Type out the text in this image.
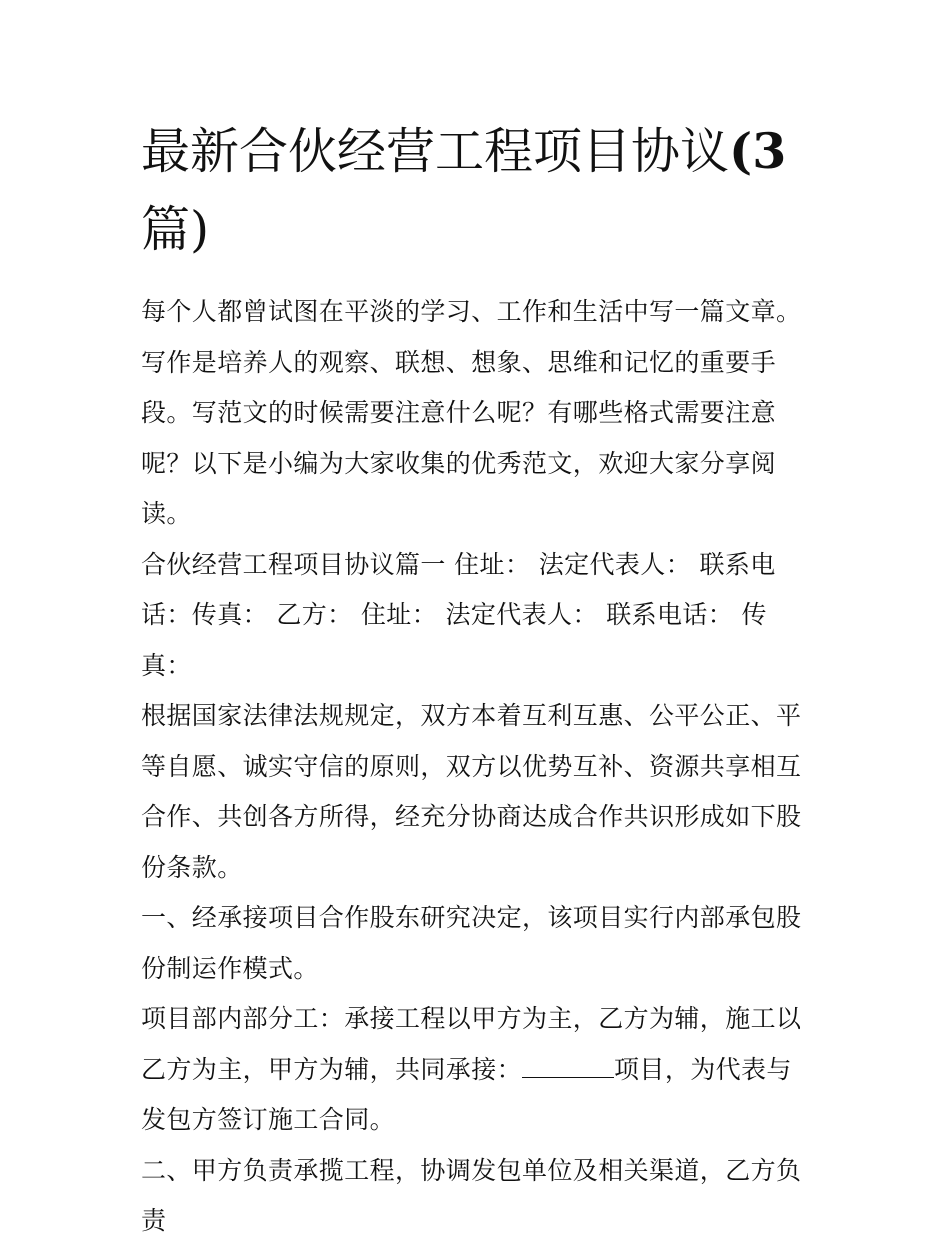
最新合伙经营工程项目协议(3
篇)

每个人都曾试图在平淡的学习、工作和生活中写一篇文章。写作是培养人的观察、联想、想象、思维和记忆的重要手段。写范文的时候需要注意什么呢？有哪些格式需要注意呢？以下是小编为大家收集的优秀范文，欢迎大家分享阅读。

合伙经营工程项目协议篇一 住址： 法定代表人： 联系电话：传真： 乙方： 住址： 法定代表人： 联系电话： 传真：

根据国家法律法规规定，双方本着互利互惠、公平公正、平等自愿、诚实守信的原则，双方以优势互补、资源共享相互合作、共创各方所得，经充分协商达成合作共识形成如下股份条款。

一、经承接项目合作股东研究决定，该项目实行内部承包股份制运作模式。

项目部内部分工：承接工程以甲方为主，乙方为辅，施工以乙方为主，甲方为辅，共同承接：	项目，为代表与发包方签订施工合同。

二、甲方负责承揽工程，协调发包单位及相关渠道，乙方负责
